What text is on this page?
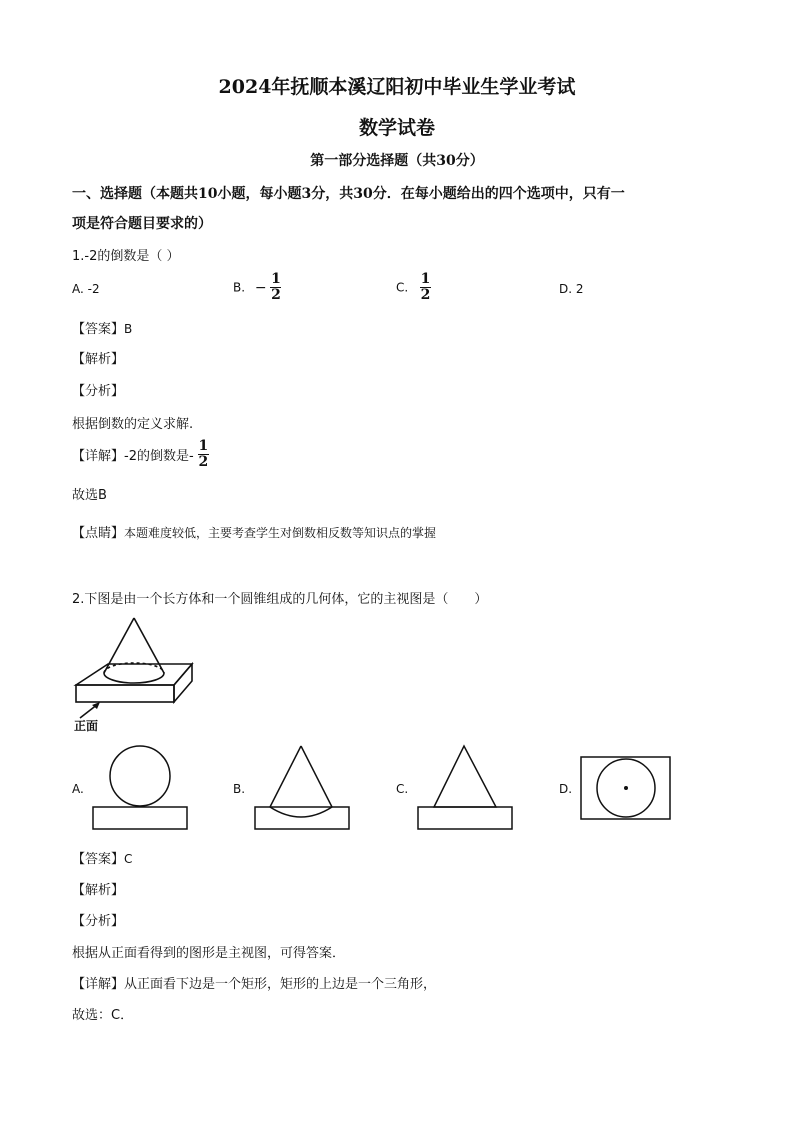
2024年抚顺本溪辽阳初中毕业生学业考试
数学试卷
第一部分选择题（共30分）
一、选择题（本题共10小题，每小题3分，共30分．在每小题给出的四个选项中，只有一
项是符合题目要求的）
1.-2的倒数是（ ）
A. -2	B. − $\frac{1}{2}$	C. $\frac{1}{2}$	D. 2
【答案】B
【解析】
【分析】
根据倒数的定义求解.
【详解】-2的倒数是- $\frac{1}{2}$
故选B
【点睛】本题难度较低，主要考查学生对倒数相反数等知识点的掌握
2.下图是由一个长方体和一个圆锥组成的几何体，它的主视图是（　　）
正面
A.	B.	C.	D.
【答案】C
【解析】
【分析】
根据从正面看得到的图形是主视图，可得答案．
【详解】从正面看下边是一个矩形，矩形的上边是一个三角形，
故选：C．
